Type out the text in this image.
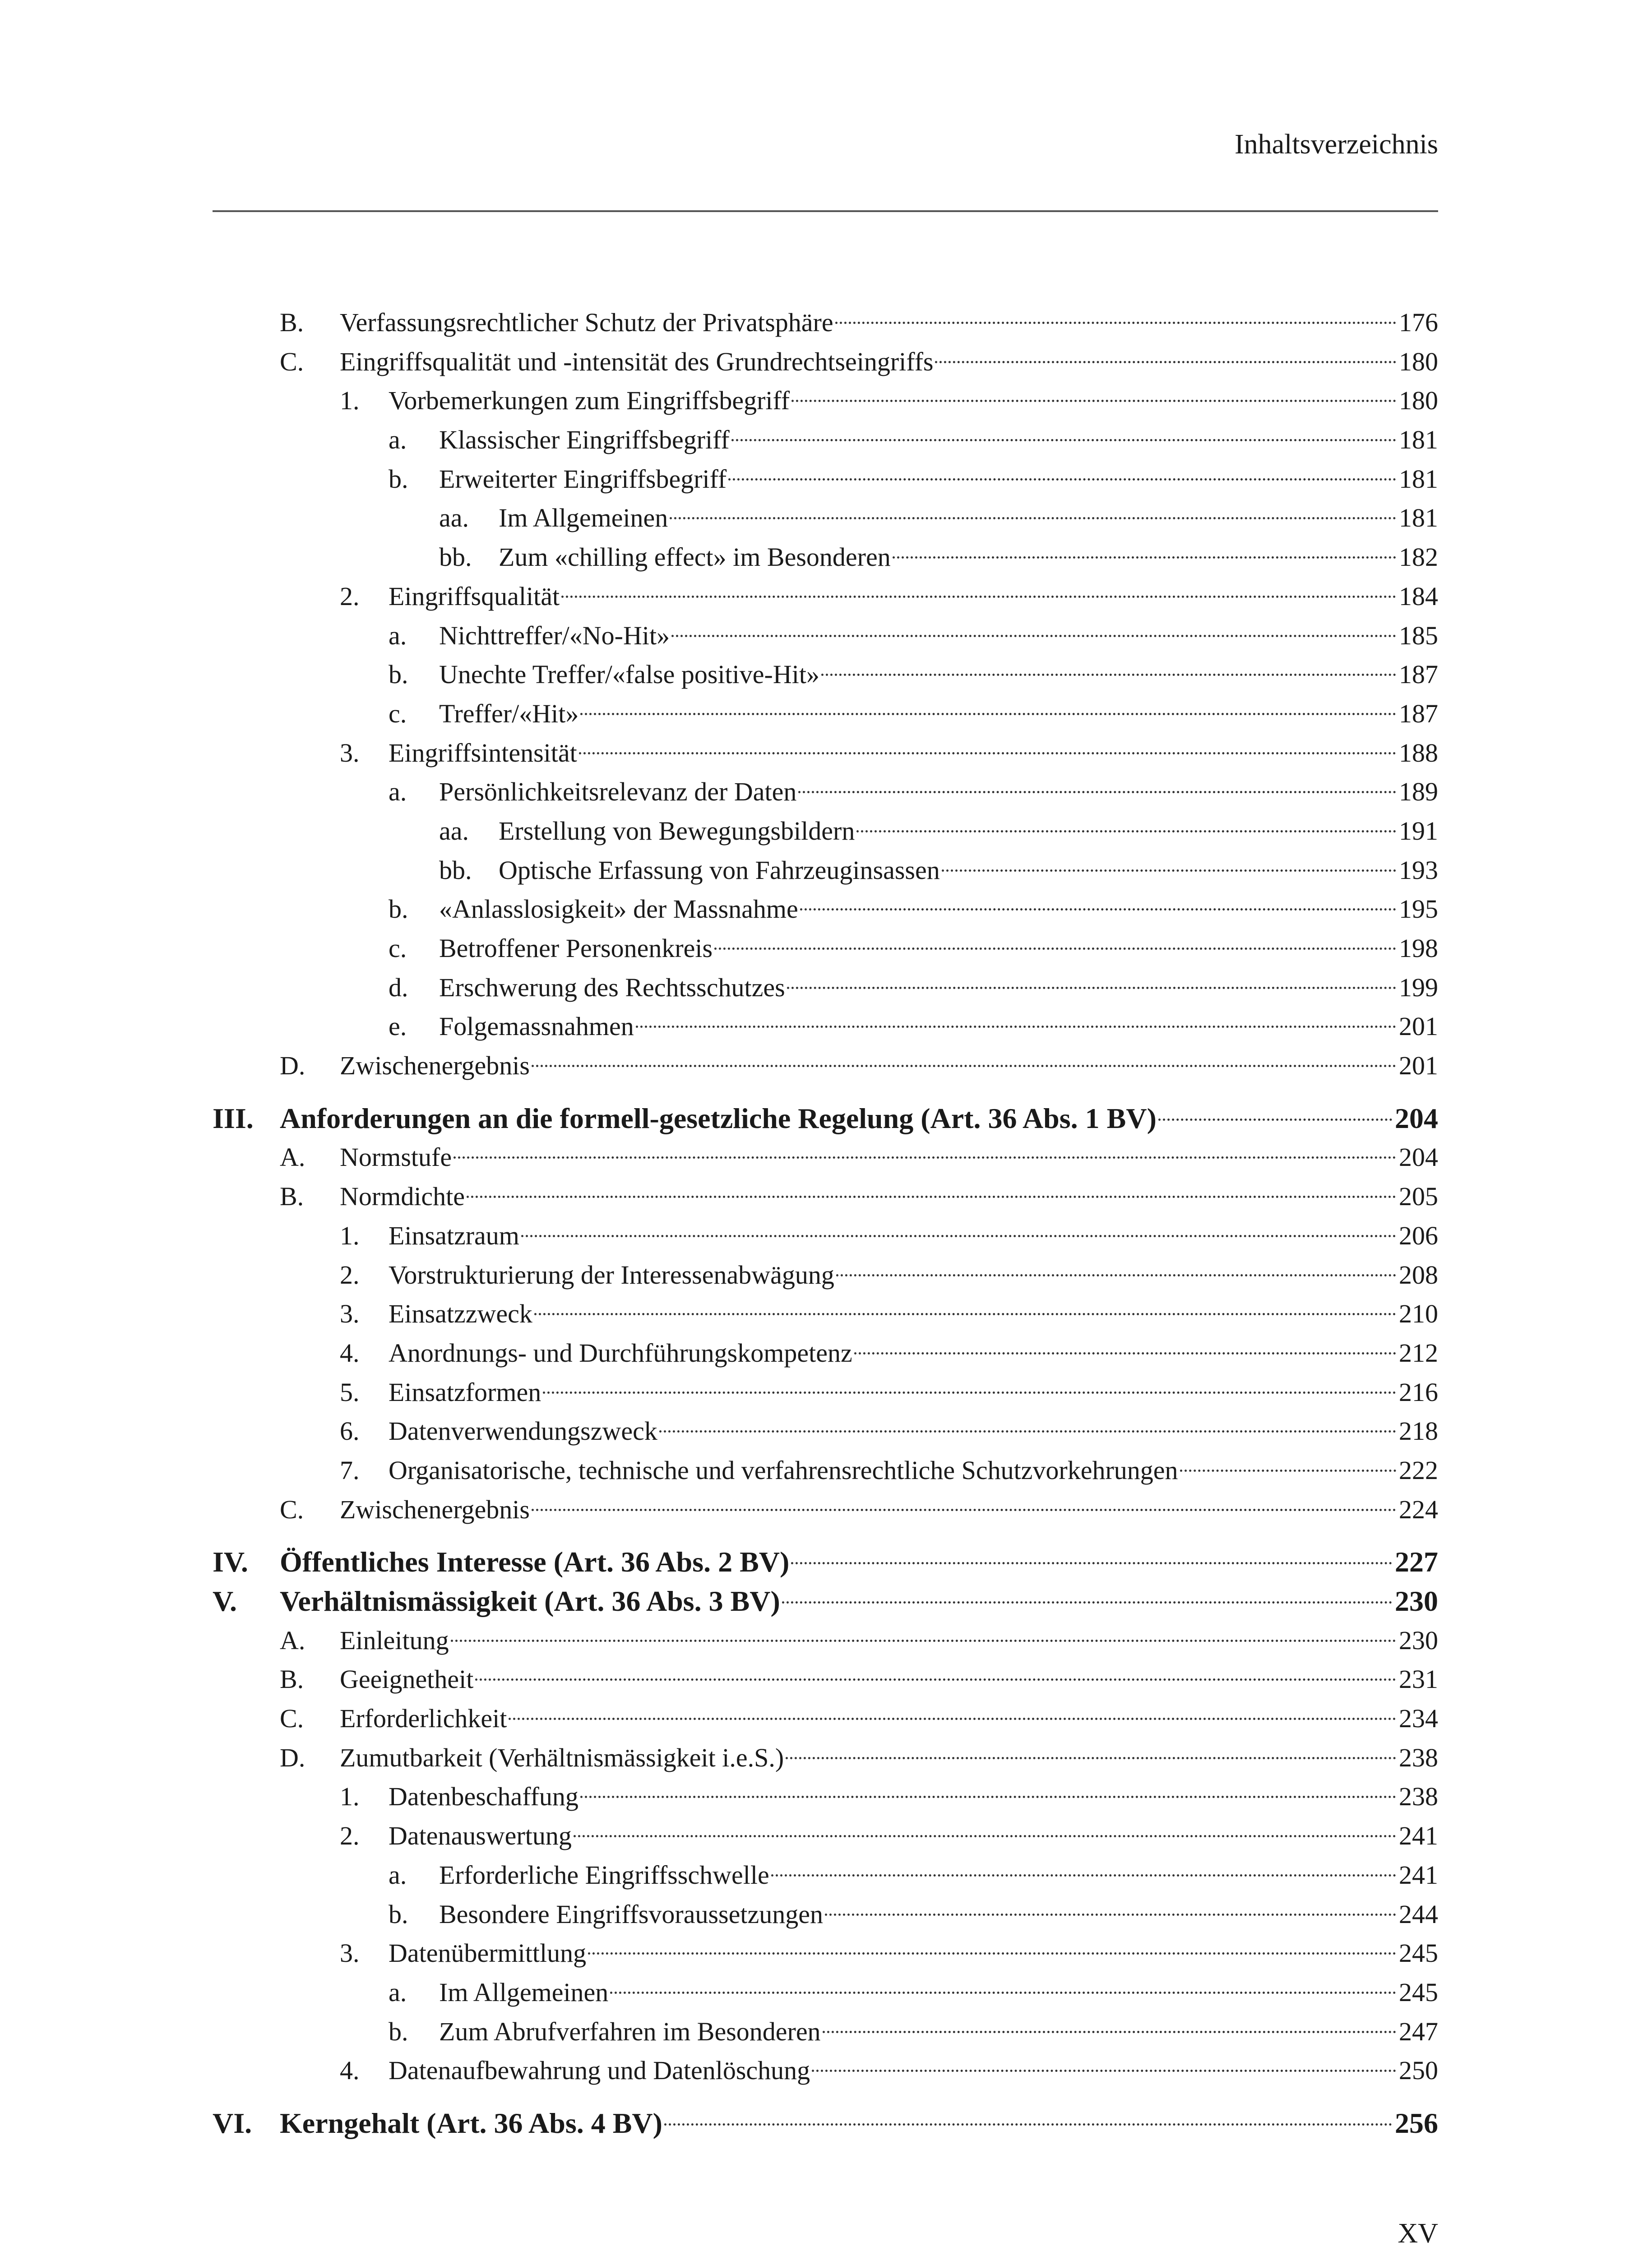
Inhaltsverzeichnis
B. Verfassungsrechtlicher Schutz der Privatsphäre	176
C. Eingriffsqualität und -intensität des Grundrechtseingriffs	180
1. Vorbemerkungen zum Eingriffsbegriff	180
a. Klassischer Eingriffsbegriff	181
b. Erweiterter Eingriffsbegriff	181
aa. Im Allgemeinen	181
bb. Zum «chilling effect» im Besonderen	182
2. Eingriffsqualität	184
a. Nichttreffer/«No-Hit»	185
b. Unechte Treffer/«false positive-Hit»	187
c. Treffer/«Hit»	187
3. Eingriffsintensität	188
a. Persönlichkeitsrelevanz der Daten	189
aa. Erstellung von Bewegungsbildern	191
bb. Optische Erfassung von Fahrzeuginsassen	193
b. «Anlasslosigkeit» der Massnahme	195
c. Betroffener Personenkreis	198
d. Erschwerung des Rechtsschutzes	199
e. Folgemassnahmen	201
D. Zwischenergebnis	201
III. Anforderungen an die formell-gesetzliche Regelung (Art. 36 Abs. 1 BV)	204
A. Normstufe	204
B. Normdichte	205
1. Einsatzraum	206
2. Vorstrukturierung der Interessenabwägung	208
3. Einsatzzweck	210
4. Anordnungs- und Durchführungskompetenz	212
5. Einsatzformen	216
6. Datenverwendungszweck	218
7. Organisatorische, technische und verfahrensrechtliche Schutzvorkehrungen	222
C. Zwischenergebnis	224
IV. Öffentliches Interesse (Art. 36 Abs. 2 BV)	227
V. Verhältnismässigkeit (Art. 36 Abs. 3 BV)	230
A. Einleitung	230
B. Geeignetheit	231
C. Erforderlichkeit	234
D. Zumutbarkeit (Verhältnismässigkeit i.e.S.)	238
1. Datenbeschaffung	238
2. Datenauswertung	241
a. Erforderliche Eingriffsschwelle	241
b. Besondere Eingriffsvoraussetzungen	244
3. Datenübermittlung	245
a. Im Allgemeinen	245
b. Zum Abrufverfahren im Besonderen	247
4. Datenaufbewahrung und Datenlöschung	250
VI. Kerngehalt (Art. 36 Abs. 4 BV)	256
XV
